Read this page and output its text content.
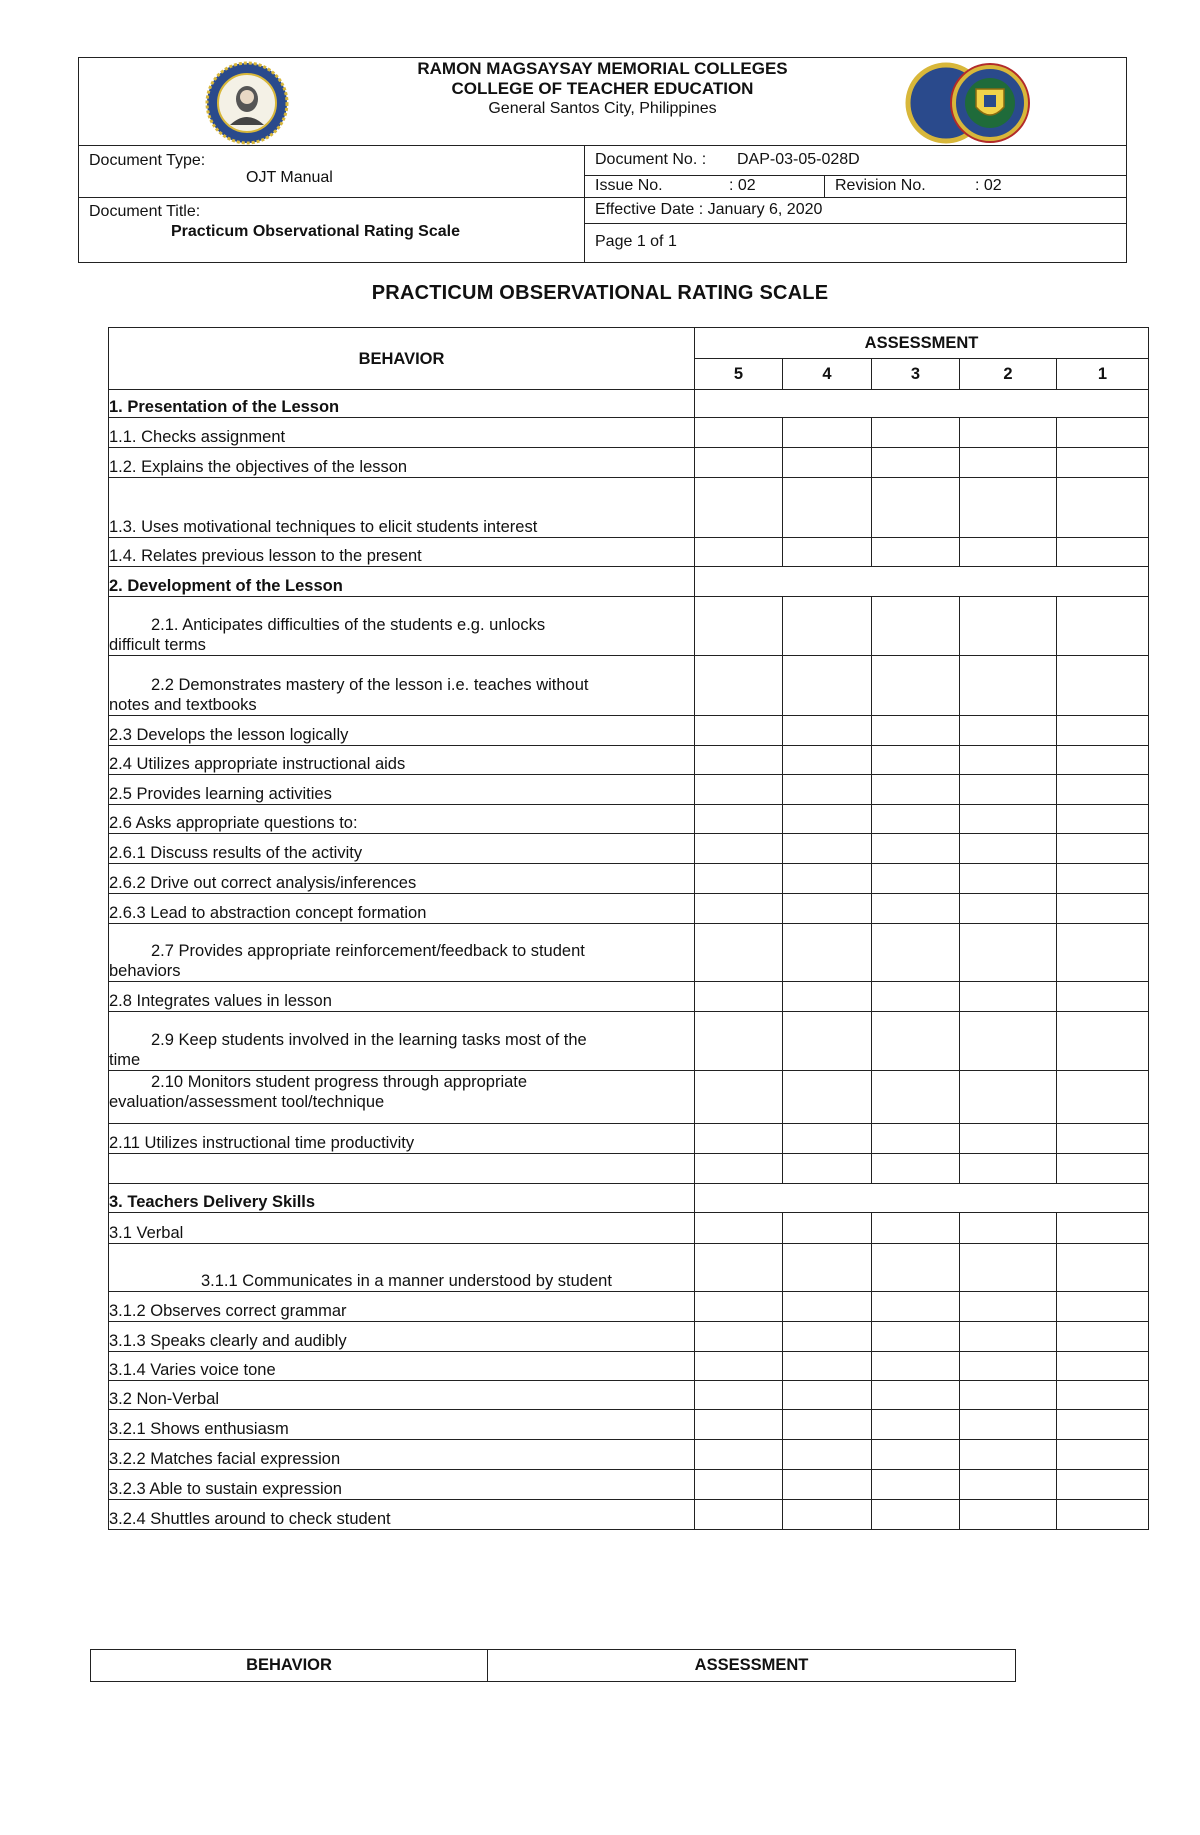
RAMON MAGSAYSAY MEMORIAL COLLEGES
COLLEGE OF TEACHER EDUCATION
General Santos City, Philippines
Document Type:
OJT Manual
Document Title:
Practicum Observational Rating Scale
Document No. : DAP-03-05-028D
Issue No.	: 02	Revision No.	: 02
Effective Date : January 6, 2020
Page 1 of 1
PRACTICUM OBSERVATIONAL RATING SCALE
BEHAVIOR	ASSESSMENT				
	5	4	3	2	1
1. Presentation of the Lesson					
1.1. Checks assignment					
1.2. Explains the objectives of the lesson					
1.3. Uses motivational techniques to elicit students interest					
1.4. Relates previous lesson to the present					
2. Development of the Lesson					
2.1. Anticipates difficulties of the students e.g. unlocks
difficult terms					
2.2 Demonstrates mastery of the lesson i.e. teaches without
notes and textbooks					
2.3 Develops the lesson logically					
2.4 Utilizes appropriate instructional aids					
2.5 Provides learning activities					
2.6 Asks appropriate questions to:					
2.6.1 Discuss results of the activity					
2.6.2 Drive out correct analysis/inferences					
2.6.3 Lead to abstraction concept formation					
2.7 Provides appropriate reinforcement/feedback to student
behaviors					
2.8 Integrates values in lesson					
2.9 Keep students involved in the learning tasks most of the
time					
2.10 Monitors student progress through appropriate
evaluation/assessment tool/technique					
2.11 Utilizes instructional time productivity					

3. Teachers Delivery Skills					
3.1 Verbal					
3.1.1 Communicates in a manner understood by student					
3.1.2 Observes correct grammar					
3.1.3 Speaks clearly and audibly					
3.1.4 Varies voice tone					
3.2 Non-Verbal					
3.2.1 Shows enthusiasm					
3.2.2 Matches facial expression					
3.2.3 Able to sustain expression					
3.2.4 Shuttles around to check student					
BEHAVIOR	ASSESSMENT
